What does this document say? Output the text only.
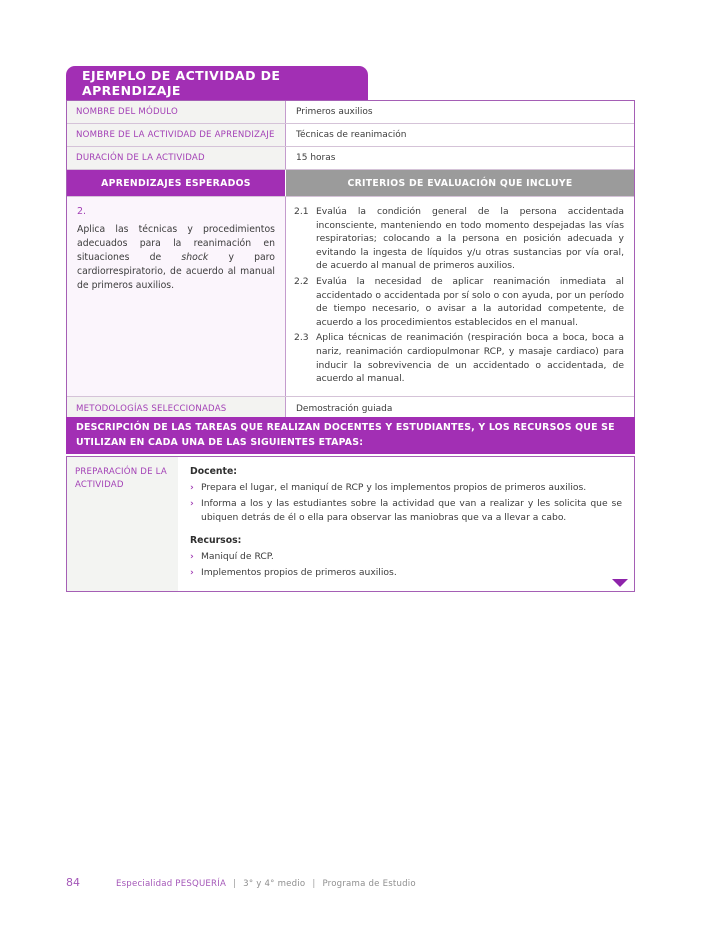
EJEMPLO DE ACTIVIDAD DE APRENDIZAJE
NOMBRE DEL MÓDULO	Primeros auxilios
NOMBRE DE LA ACTIVIDAD DE APRENDIZAJE	Técnicas de reanimación
DURACIÓN DE LA ACTIVIDAD	15 horas
APRENDIZAJES ESPERADOS	CRITERIOS DE EVALUACIÓN QUE INCLUYE
2.
Aplica las técnicas y procedimientos adecuados para la reanimación en situaciones de shock y paro cardiorrespiratorio, de acuerdo al manual de primeros auxilios.
2.1 Evalúa la condición general de la persona accidentada inconsciente, manteniendo en todo momento despejadas las vías respiratorias; colocando a la persona en posición adecuada y evitando la ingesta de líquidos y/u otras sustancias por vía oral, de acuerdo al manual de primeros auxilios.
2.2 Evalúa la necesidad de aplicar reanimación inmediata al accidentado o accidentada por sí solo o con ayuda, por un período de tiempo necesario, o avisar a la autoridad competente, de acuerdo a los procedimientos establecidos en el manual.
2.3 Aplica técnicas de reanimación (respiración boca a boca, boca a nariz, reanimación cardiopulmonar RCP, y masaje cardiaco) para inducir la sobrevivencia de un accidentado o accidentada, de acuerdo al manual.
METODOLOGÍAS SELECCIONADAS	Demostración guiada
DESCRIPCIÓN DE LAS TAREAS QUE REALIZAN DOCENTES Y ESTUDIANTES, Y LOS RECURSOS QUE SE UTILIZAN EN CADA UNA DE LAS SIGUIENTES ETAPAS:
PREPARACIÓN DE LA ACTIVIDAD
Docente:
› Prepara el lugar, el maniquí de RCP y los implementos propios de primeros auxilios.
› Informa a los y las estudiantes sobre la actividad que van a realizar y les solicita que se ubiquen detrás de él o ella para observar las maniobras que va a llevar a cabo.
Recursos:
› Maniquí de RCP.
› Implementos propios de primeros auxilios.
84	Especialidad PESQUERÍA | 3° y 4° medio | Programa de Estudio
